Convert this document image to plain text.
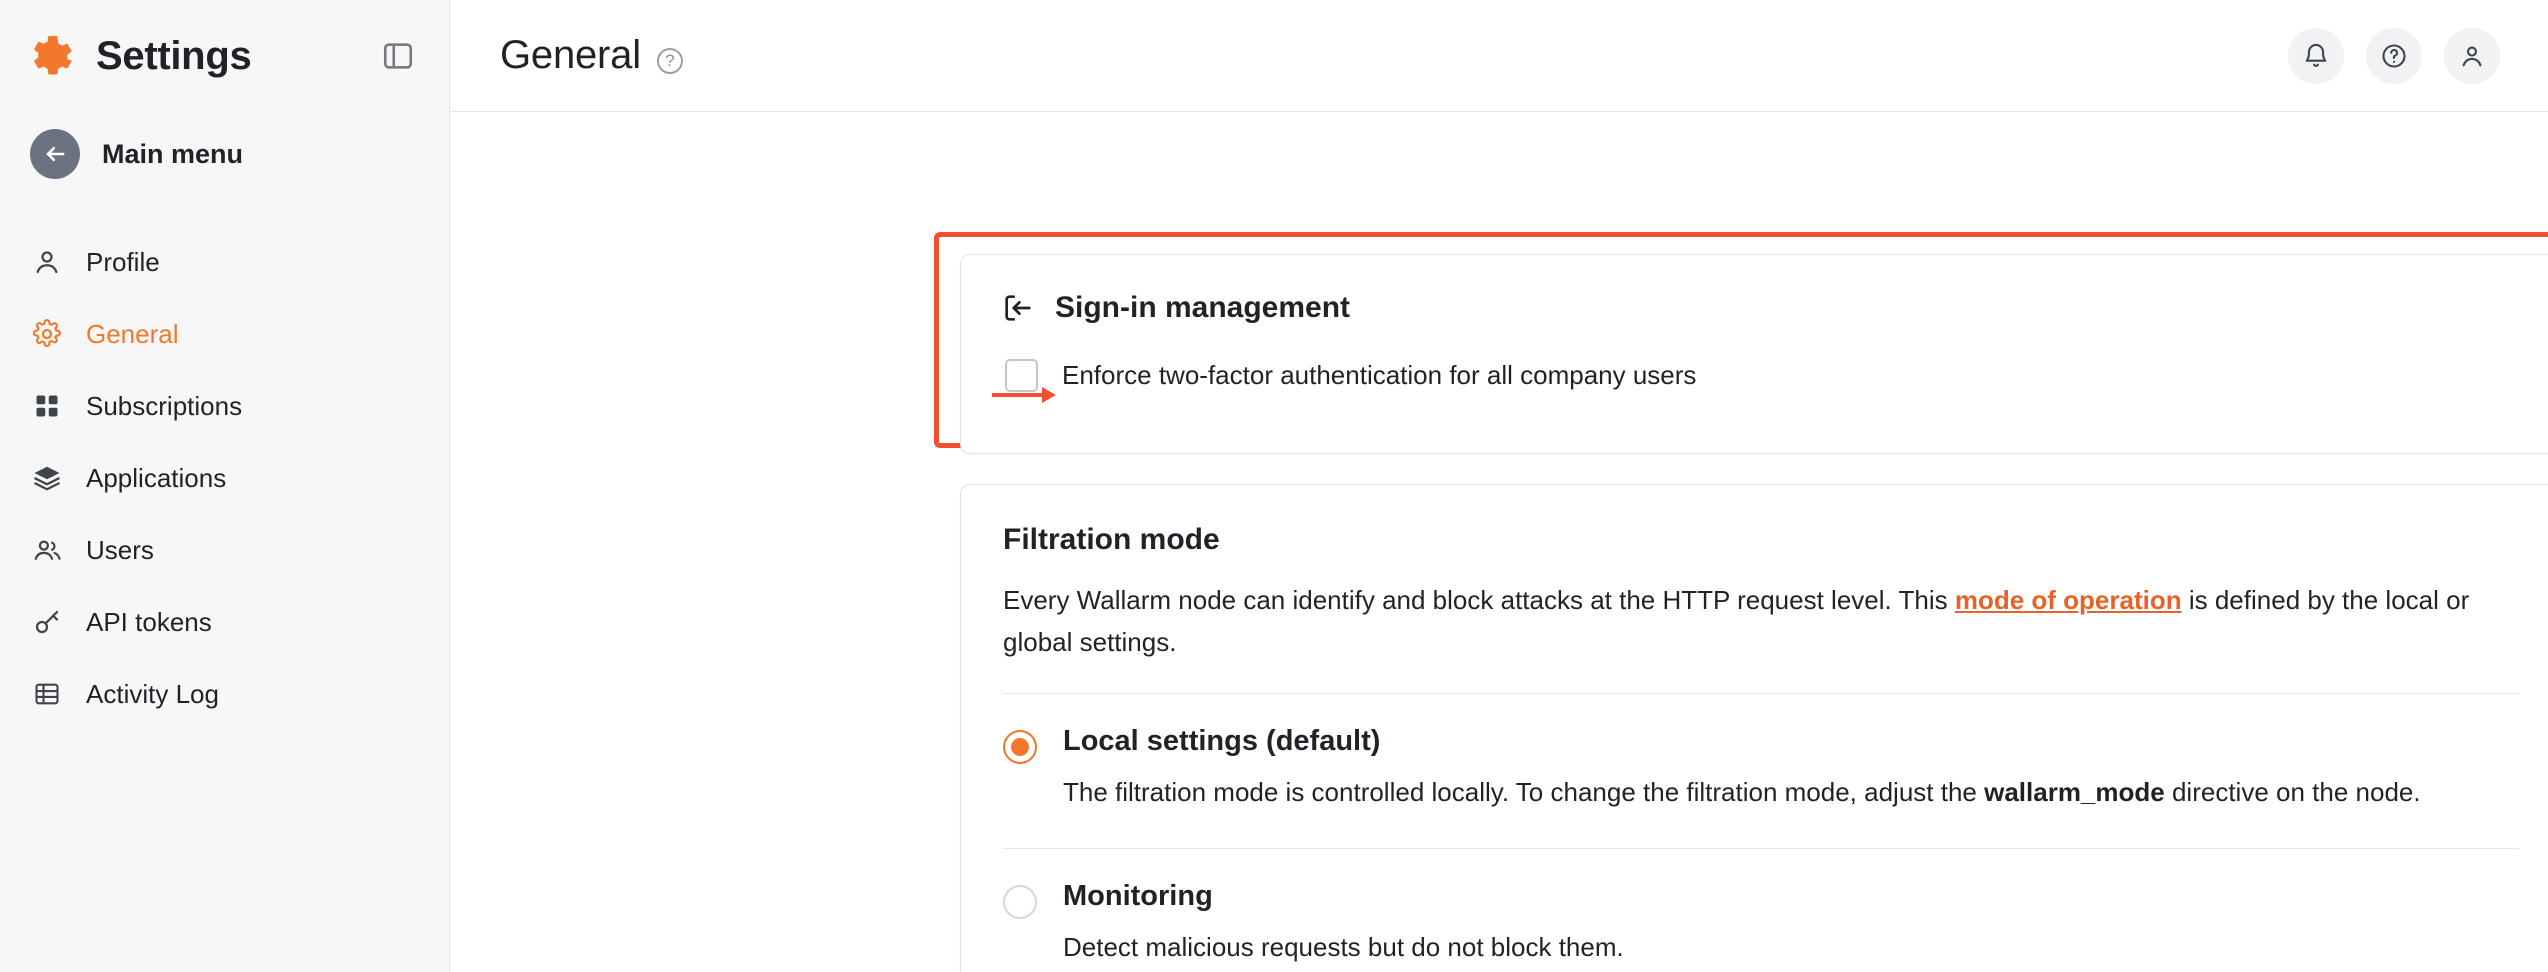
Settings
Main menu
Profile
General
Subscriptions
Applications
Users
API tokens
Activity Log
General	?
Sign-in management
Enforce two-factor authentication for all company users
Filtration mode
Every Wallarm node can identify and block attacks at the HTTP request level. This mode of operation is defined by the local or global settings.
Local settings (default)
The filtration mode is controlled locally. To change the filtration mode, adjust the wallarm_mode directive on the node.
Monitoring
Detect malicious requests but do not block them.
